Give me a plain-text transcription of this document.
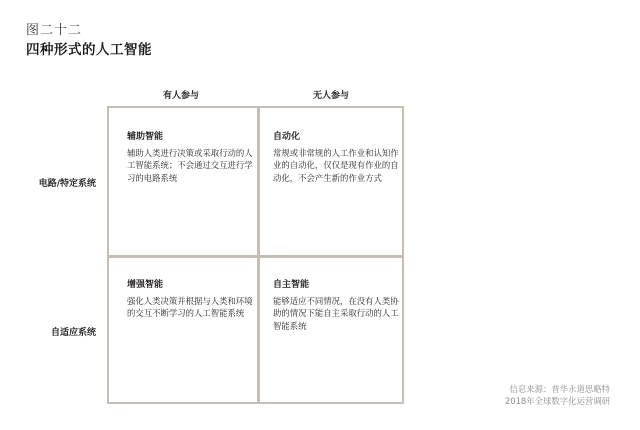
图二十二
四种形式的人工智能
有人参与	无人参与
电路/特定系统
自适应系统
辅助智能
辅助人类进行决策或采取行动的人工智能系统；不会通过交互进行学习的电路系统
自动化
常规或非常规的人工作业和认知作业的自动化，仅仅是现有作业的自动化，不会产生新的作业方式
增强智能
强化人类决策并根据与人类和环境的交互不断学习的人工智能系统
自主智能
能够适应不同情况，在没有人类协助的情况下能自主采取行动的人工智能系统
信息来源：普华永道思略特
2018年全球数字化运营调研
